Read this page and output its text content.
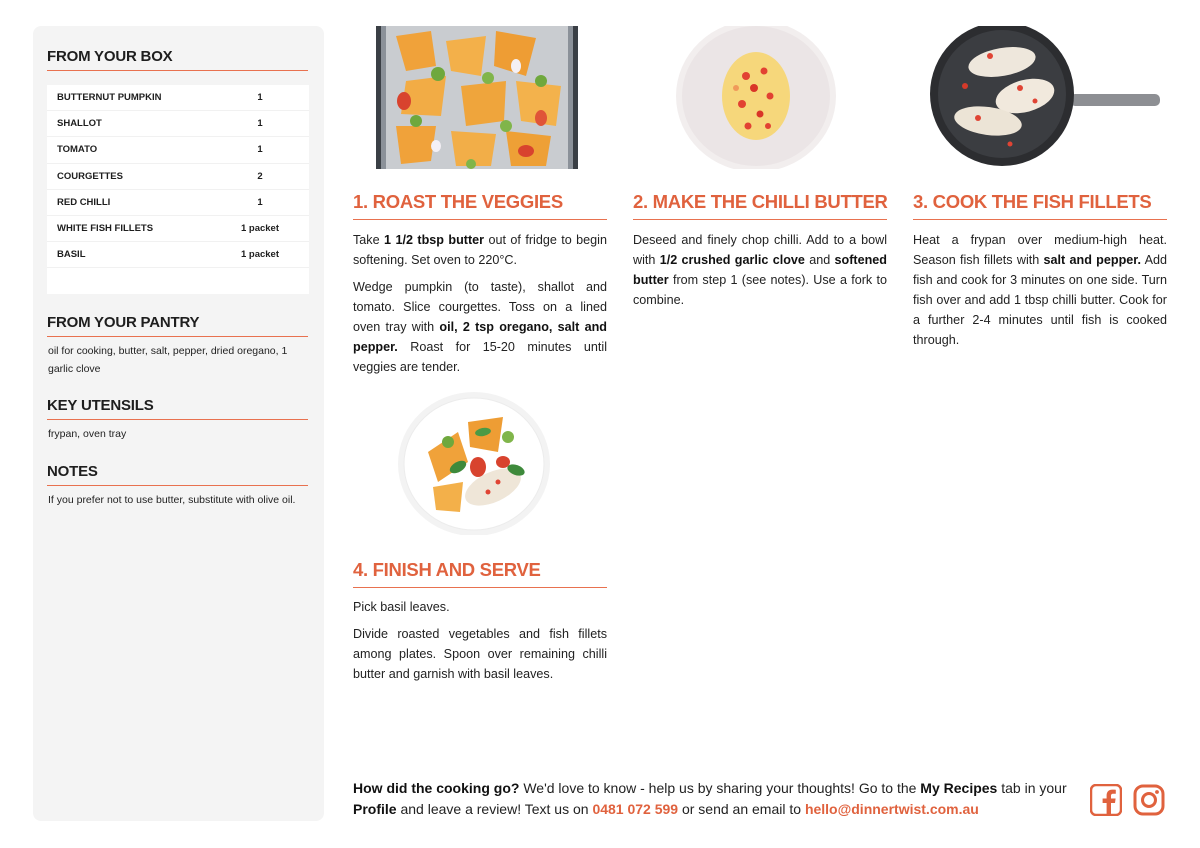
FROM YOUR BOX
BUTTERNUT PUMPKIN	1
SHALLOT	1
TOMATO	1
COURGETTES	2
RED CHILLI	1
WHITE FISH FILLETS	1 packet
BASIL	1 packet
FROM YOUR PANTRY
oil for cooking, butter, salt, pepper, dried oregano, 1 garlic clove
KEY UTENSILS
frypan, oven tray
NOTES
If you prefer not to use butter, substitute with olive oil.
1. ROAST THE VEGGIES

Take 1 1/2 tbsp butter out of fridge to begin softening. Set oven to 220°C.

Wedge pumpkin (to taste), shallot and tomato. Slice courgettes. Toss on a lined oven tray with oil, 2 tsp oregano, salt and pepper. Roast for 15-20 minutes until veggies are tender.

2. MAKE THE CHILLI BUTTER

Deseed and finely chop chilli. Add to a bowl with 1/2 crushed garlic clove and softened butter from step 1 (see notes). Use a fork to combine.

3. COOK THE FISH FILLETS

Heat a frypan over medium-high heat. Season fish fillets with salt and pepper. Add fish and cook for 3 minutes on one side. Turn fish over and add 1 tbsp chilli butter. Cook for a further 2-4 minutes until fish is cooked through.

4. FINISH AND SERVE

Pick basil leaves.

Divide roasted vegetables and fish fillets among plates. Spoon over remaining chilli butter and garnish with basil leaves.

How did the cooking go? We'd love to know - help us by sharing your thoughts! Go to the My Recipes tab in your Profile and leave a review! Text us on 0481 072 599 or send an email to hello@dinnertwist.com.au
